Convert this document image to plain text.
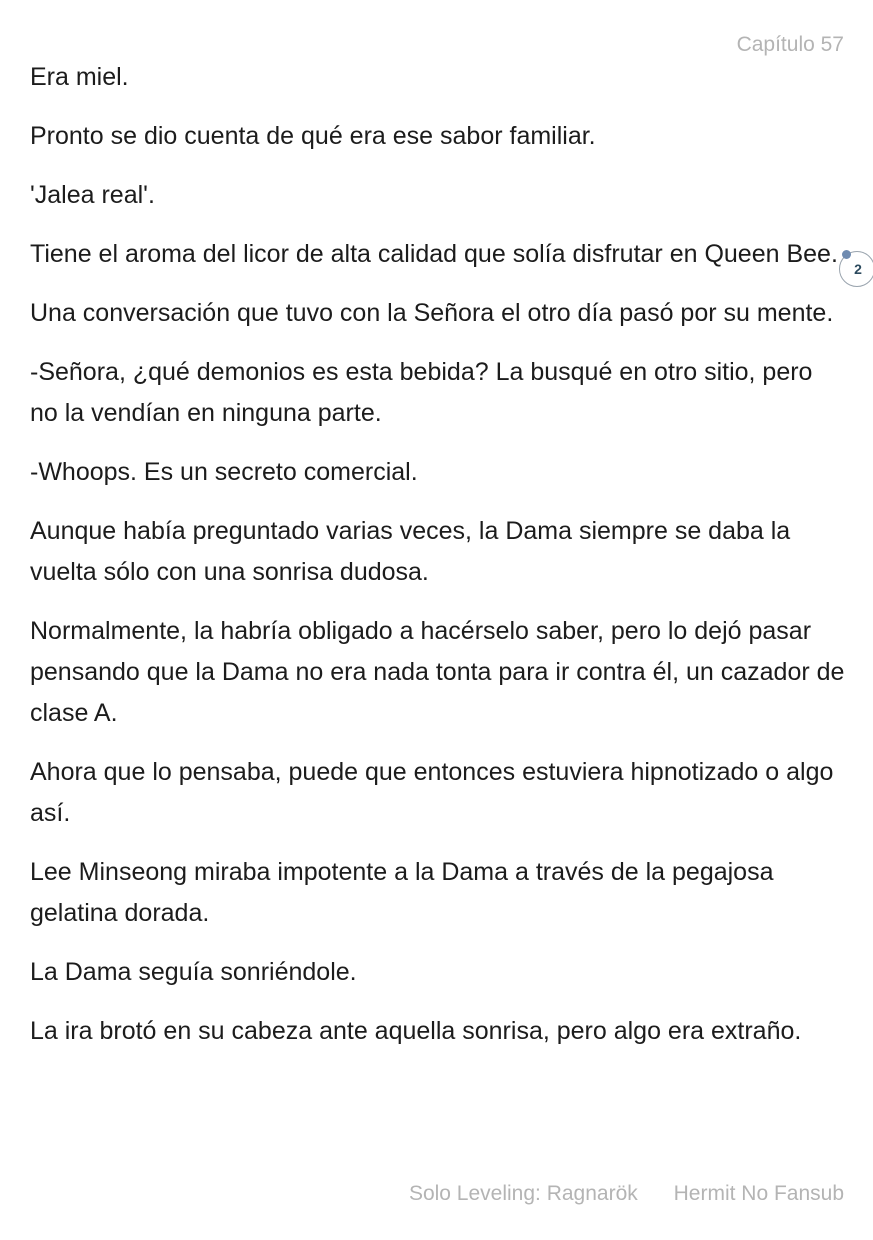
Capítulo 57
2

Era miel.

Pronto se dio cuenta de qué era ese sabor familiar.

'Jalea real'.

Tiene el aroma del licor de alta calidad que solía disfrutar en Queen Bee.

Una conversación que tuvo con la Señora el otro día pasó por su mente.

-Señora, ¿qué demonios es esta bebida? La busqué en otro sitio, pero no la vendían en ninguna parte.

-Whoops. Es un secreto comercial.

Aunque había preguntado varias veces, la Dama siempre se daba la vuelta sólo con una sonrisa dudosa.

Normalmente, la habría obligado a hacérselo saber, pero lo dejó pasar pensando que la Dama no era nada tonta para ir contra él, un cazador de clase A.

Ahora que lo pensaba, puede que entonces estuviera hipnotizado o algo así.

Lee Minseong miraba impotente a la Dama a través de la pegajosa gelatina dorada.

La Dama seguía sonriéndole.

La ira brotó en su cabeza ante aquella sonrisa, pero algo era extraño.

Solo Leveling: Ragnarök Hermit No Fansub
